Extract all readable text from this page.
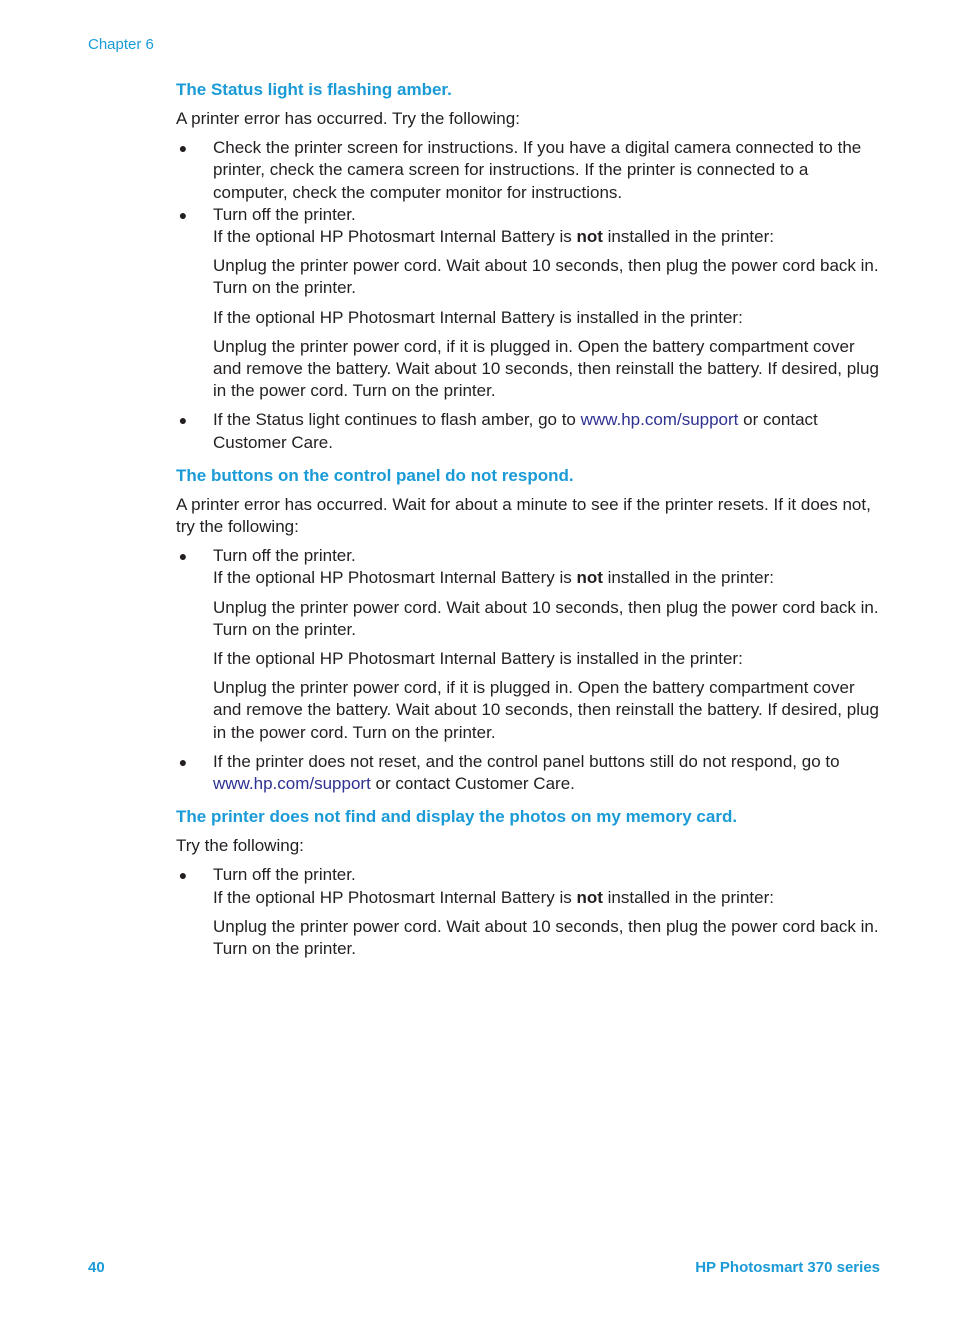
Chapter 6
The Status light is flashing amber.

A printer error has occurred. Try the following:

● Check the printer screen for instructions. If you have a digital camera connected to the printer, check the camera screen for instructions. If the printer is connected to a computer, check the computer monitor for instructions.
● Turn off the printer.
If the optional HP Photosmart Internal Battery is not installed in the printer:

Unplug the printer power cord. Wait about 10 seconds, then plug the power cord back in. Turn on the printer.

If the optional HP Photosmart Internal Battery is installed in the printer:

Unplug the printer power cord, if it is plugged in. Open the battery compartment cover and remove the battery. Wait about 10 seconds, then reinstall the battery. If desired, plug in the power cord. Turn on the printer.

● If the Status light continues to flash amber, go to www.hp.com/support or contact Customer Care.
The buttons on the control panel do not respond.

A printer error has occurred. Wait for about a minute to see if the printer resets. If it does not, try the following:

● Turn off the printer.
If the optional HP Photosmart Internal Battery is not installed in the printer:

Unplug the printer power cord. Wait about 10 seconds, then plug the power cord back in. Turn on the printer.

If the optional HP Photosmart Internal Battery is installed in the printer:

Unplug the printer power cord, if it is plugged in. Open the battery compartment cover and remove the battery. Wait about 10 seconds, then reinstall the battery. If desired, plug in the power cord. Turn on the printer.

● If the printer does not reset, and the control panel buttons still do not respond, go to www.hp.com/support or contact Customer Care.
The printer does not find and display the photos on my memory card.

Try the following:

● Turn off the printer.
If the optional HP Photosmart Internal Battery is not installed in the printer:

Unplug the printer power cord. Wait about 10 seconds, then plug the power cord back in. Turn on the printer.

40	HP Photosmart 370 series
